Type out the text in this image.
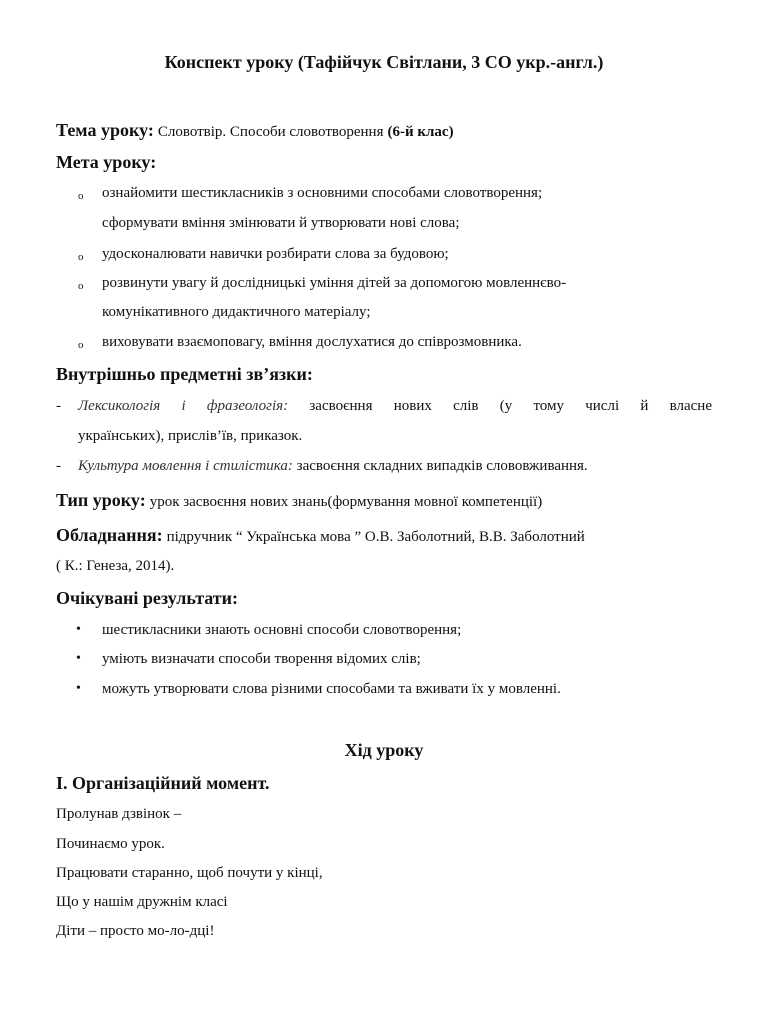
Конспект уроку (Тафійчук Світлани, 3 СО укр.-англ.)
Тема уроку: Словотвір. Способи словотворення (6-й клас)
Мета уроку:
o ознайомити шестикласників з основними способами словотворення;
сформувати вміння змінювати й утворювати нові слова;
o удосконалювати навички розбирати слова за будовою;
o розвинути увагу й дослідницькі уміння дітей за допомогою мовленнєво-
комунікативного дидактичного матеріалу;
o виховувати взаємоповагу, вміння дослухатися до співрозмовника.
Внутрішньо предметні зв’язки:
- Лексикологія і фразеологія: засвоєння нових слів (у тому числі й власне
українських), прислів’їв, приказок.
- Культура мовлення і стилістика: засвоєння складних випадків слововживання.
Тип уроку: урок засвоєння нових знань(формування мовної компетенції)
Обладнання: підручник “ Українська мова ” О.В. Заболотний, В.В. Заболотний
( К.: Генеза, 2014).
Очікувані результати:
• шестикласники знають основні способи словотворення;
• уміють визначати способи творення відомих слів;
• можуть утворювати слова різними способами та вживати їх у мовленні.
Хід уроку
І. Організаційний момент.
Пролунав дзвінок –
Починаємо урок.
Працювати старанно, щоб почути у кінці,
Що у нашім дружнім класі
Діти – просто мо-ло-дці!
